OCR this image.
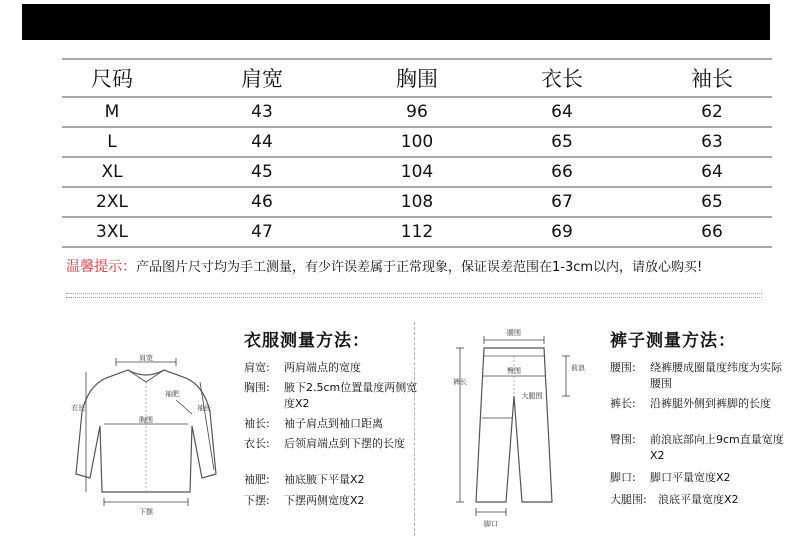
尺码	肩宽	胸围	衣长	袖长
M	43	96	64	62
L	44	100	65	63
XL	45	104	66	64
2XL	46	108	67	65
3XL	47	112	69	66
温馨提示：产品图片尺寸均为手工测量，有少许误差属于正常现象，保证误差范围在1-3cm以内，请放心购买!
肩宽
胸围
衣长
袖肥
袖长
下摆
衣服测量方法：
肩宽:	两肩端点的宽度
胸围:	腋下2.5cm位置量度两侧宽度X2
袖长:	袖子肩点到袖口距离
衣长:	后领肩端点到下摆的长度
袖肥:	袖底腋下平量X2
下摆:	下摆两侧宽度X2
腰围
前浪
臀围
裤长
大腿围
脚口
裤子测量方法：
腰围:	绕裤腰成圈量度纬度为实际腰围
裤长:	沿裤腿外侧到裤脚的长度
臀围:	前浪底部向上9cm直量宽度X2
脚口:	脚口平量宽度X2
大腿围:	浪底平量宽度X2
